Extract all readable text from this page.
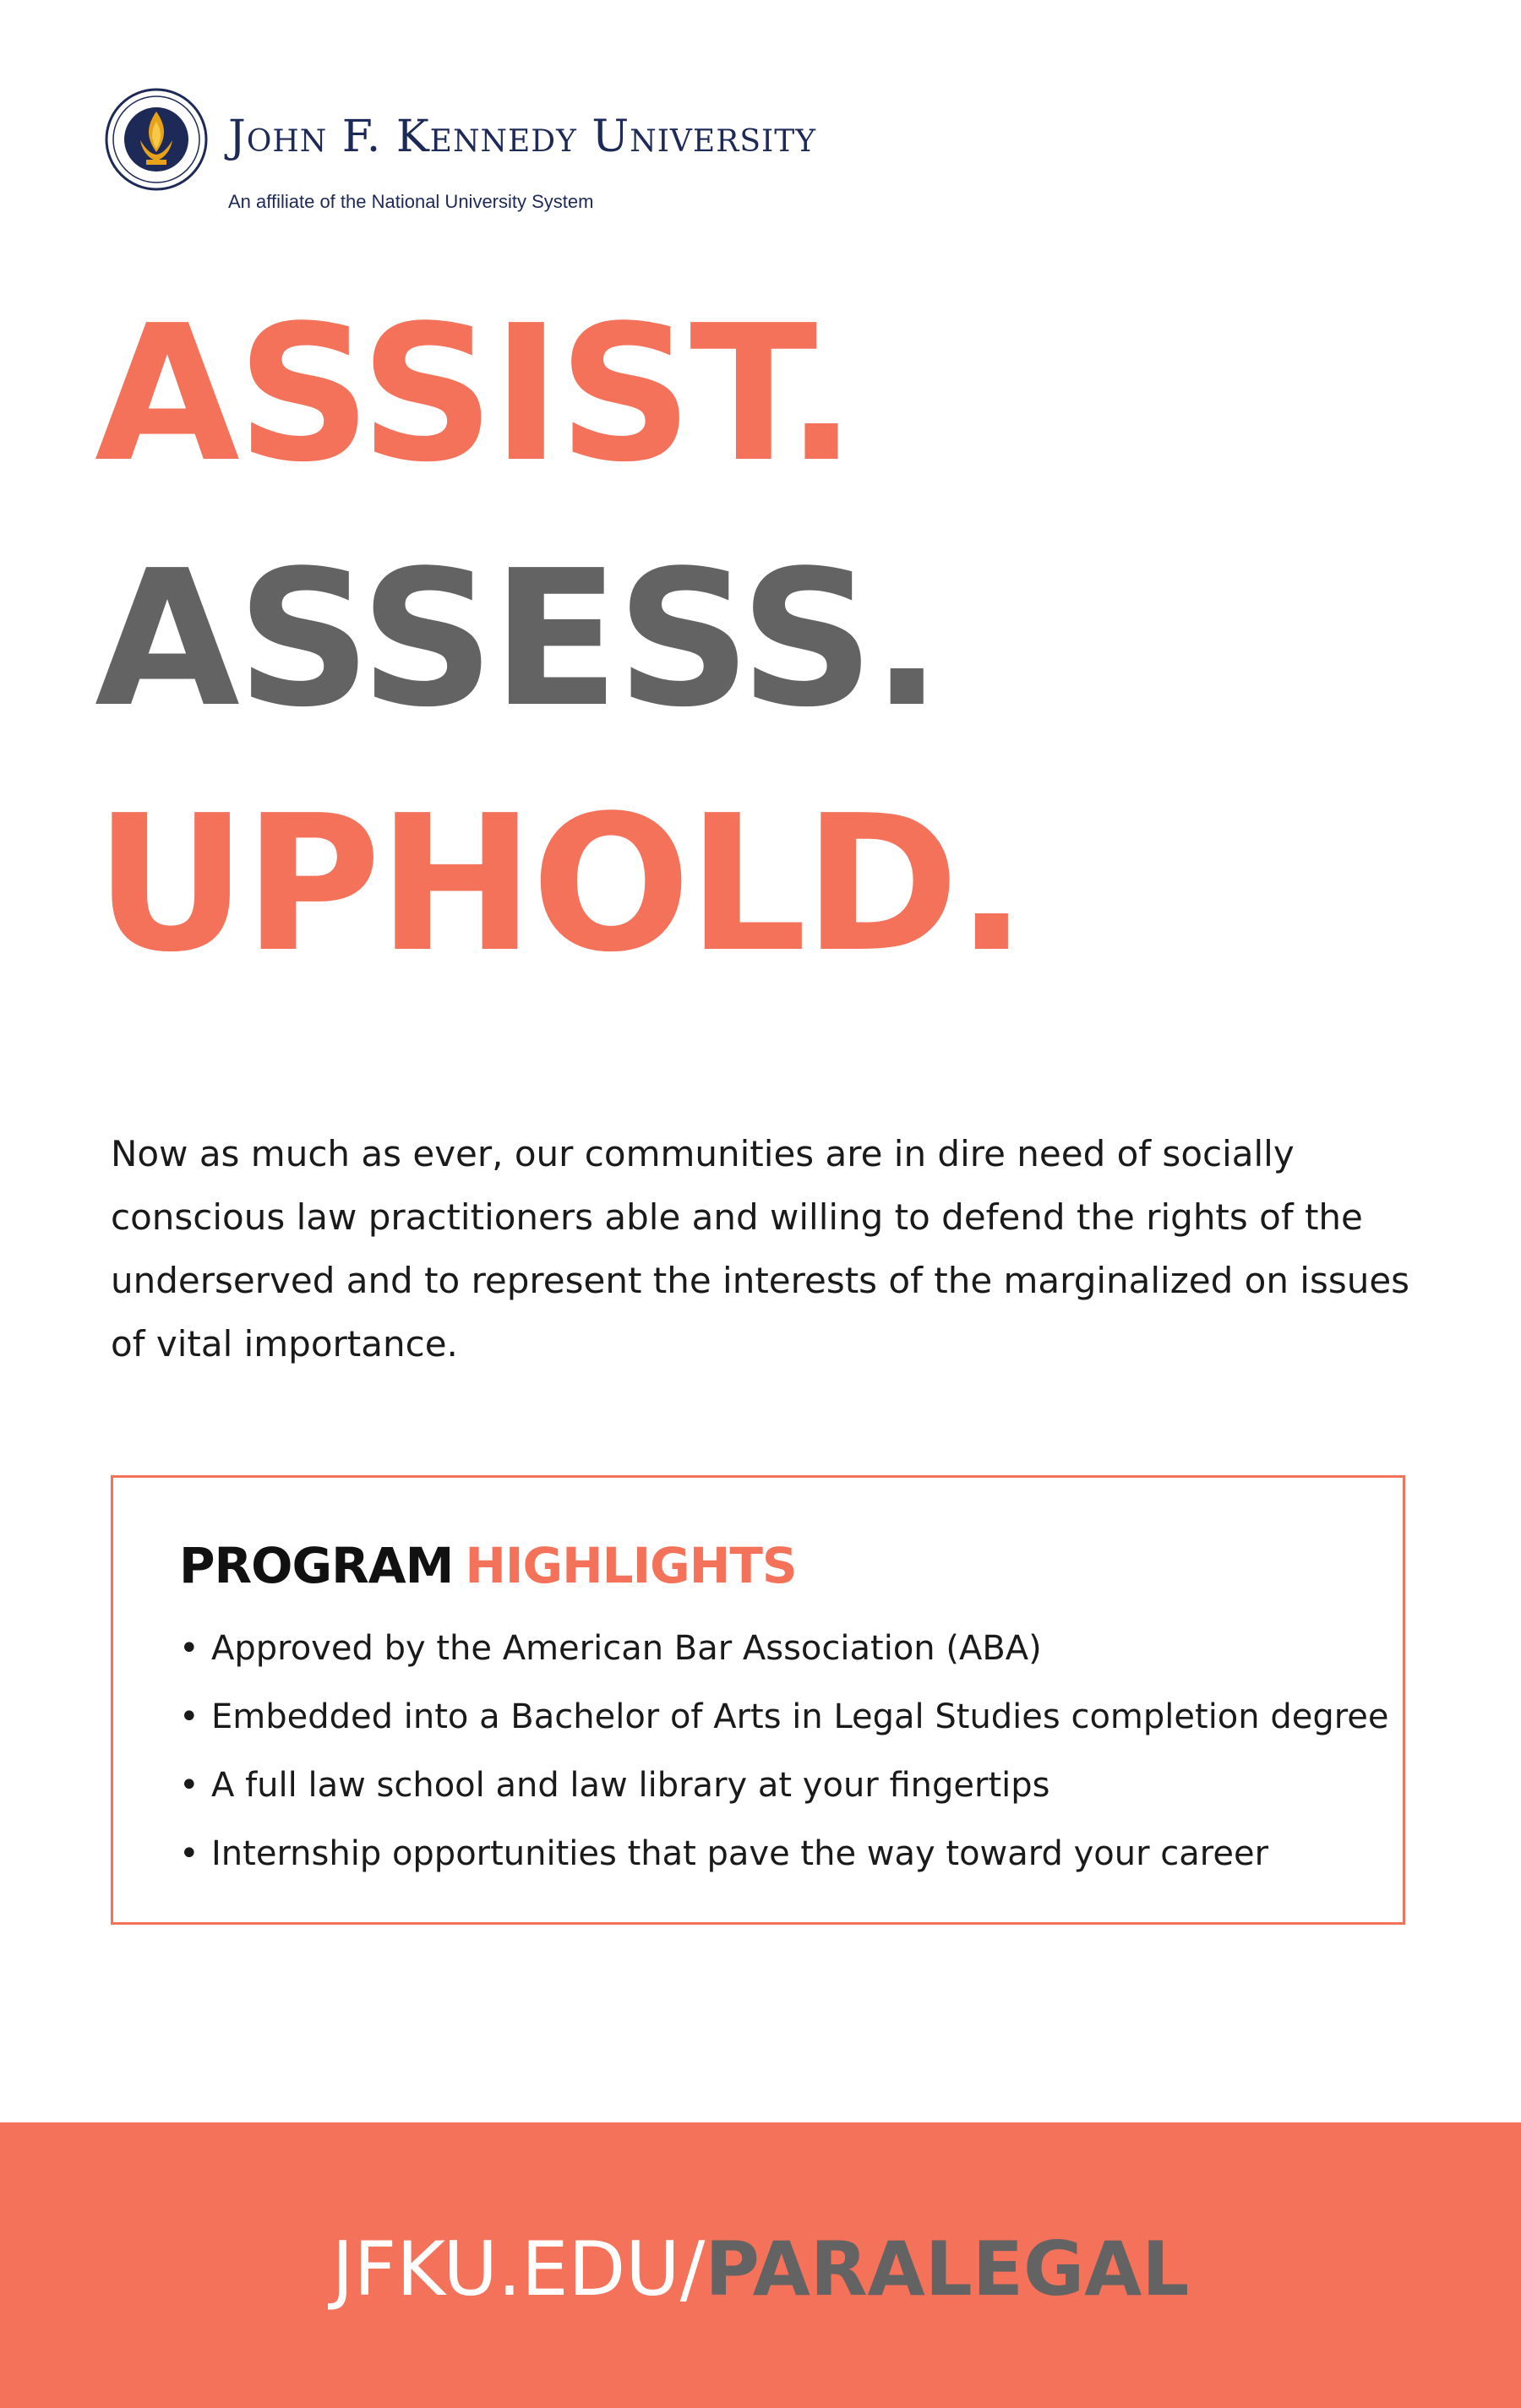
John F. Kennedy University
An affiliate of the National University System
ASSIST.
ASSESS.
UPHOLD.

Now as much as ever, our communities are in dire need of socially conscious law practitioners able and willing to defend the rights of the underserved and to represent the interests of the marginalized on issues of vital importance.

PROGRAM HIGHLIGHTS
• Approved by the American Bar Association (ABA)
• Embedded into a Bachelor of Arts in Legal Studies completion degree
• A full law school and law library at your fingertips
• Internship opportunities that pave the way toward your career
JFKU.EDU/PARALEGAL
